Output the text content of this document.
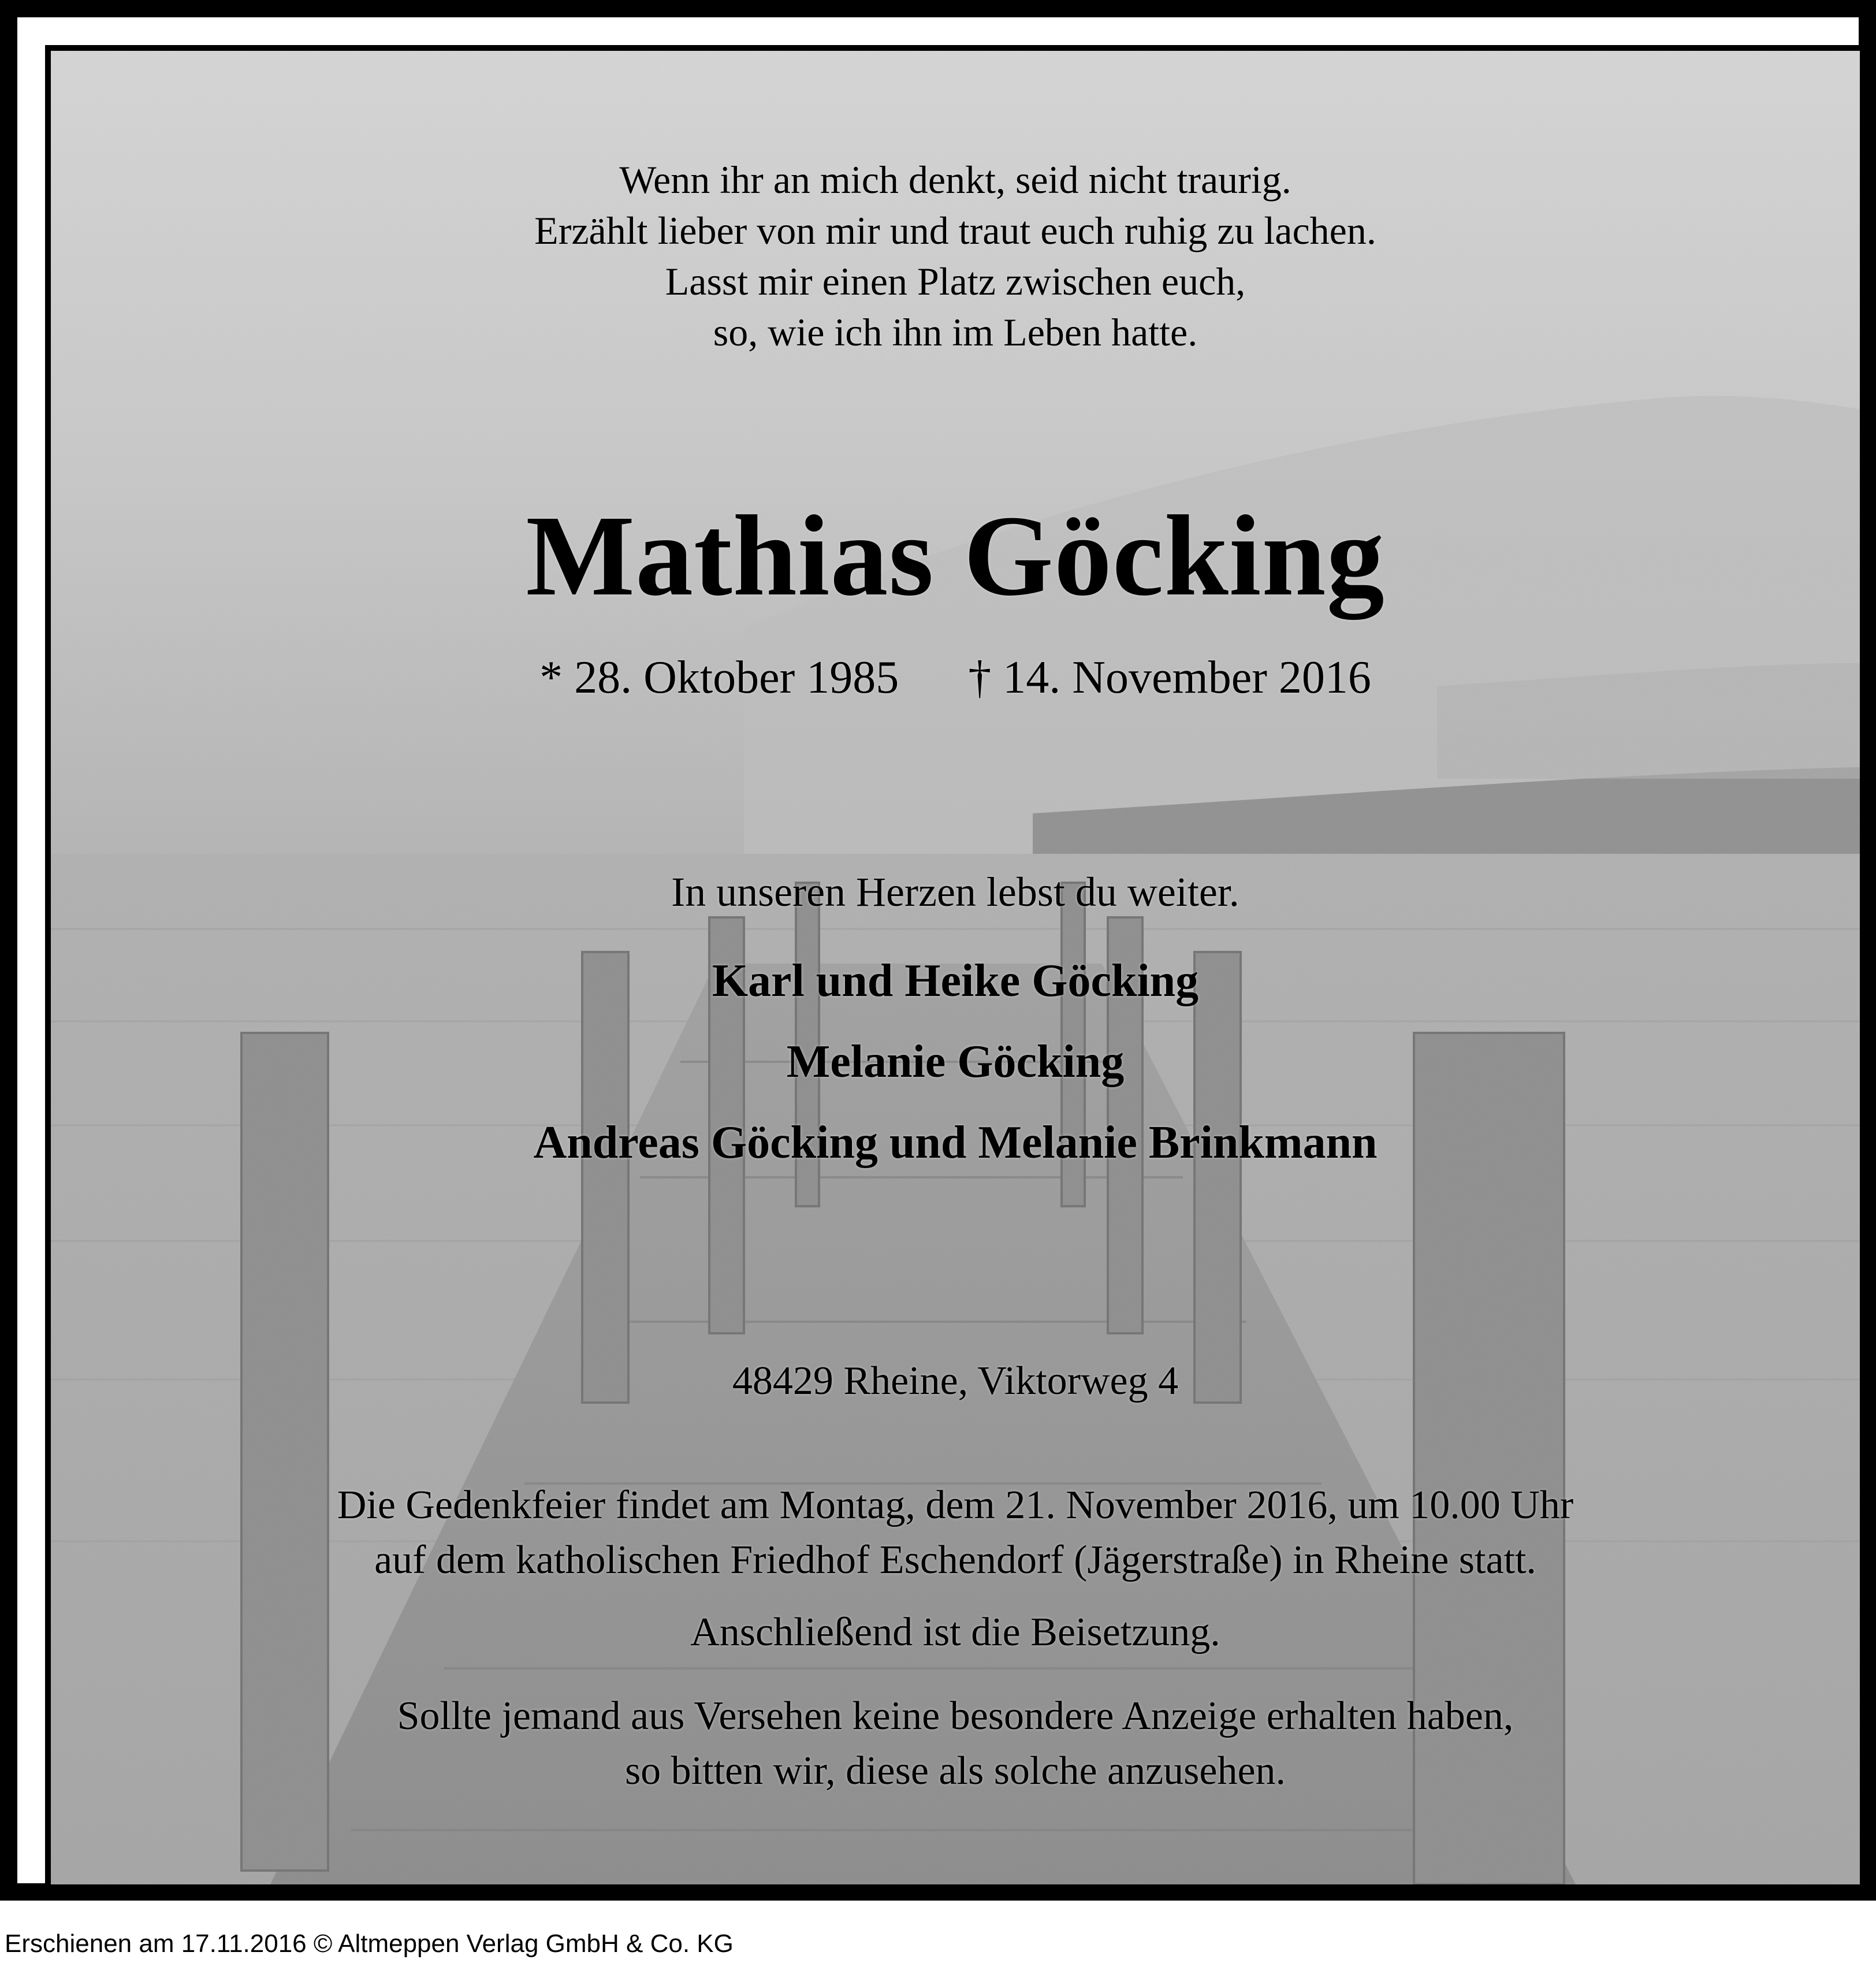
Wenn ihr an mich denkt, seid nicht traurig.
Erzählt lieber von mir und traut euch ruhig zu lachen.
Lasst mir einen Platz zwischen euch,
so, wie ich ihn im Leben hatte.
Mathias Göcking
* 28. Oktober 1985 † 14. November 2016
In unseren Herzen lebst du weiter.
Karl und Heike Göcking
Melanie Göcking
Andreas Göcking und Melanie Brinkmann
48429 Rheine, Viktorweg 4
Die Gedenkfeier findet am Montag, dem 21. November 2016, um 10.00 Uhr
auf dem katholischen Friedhof Eschendorf (Jägerstraße) in Rheine statt.
Anschließend ist die Beisetzung.
Sollte jemand aus Versehen keine besondere Anzeige erhalten haben,
so bitten wir, diese als solche anzusehen.
Erschienen am 17.11.2016 © Altmeppen Verlag GmbH & Co. KG
